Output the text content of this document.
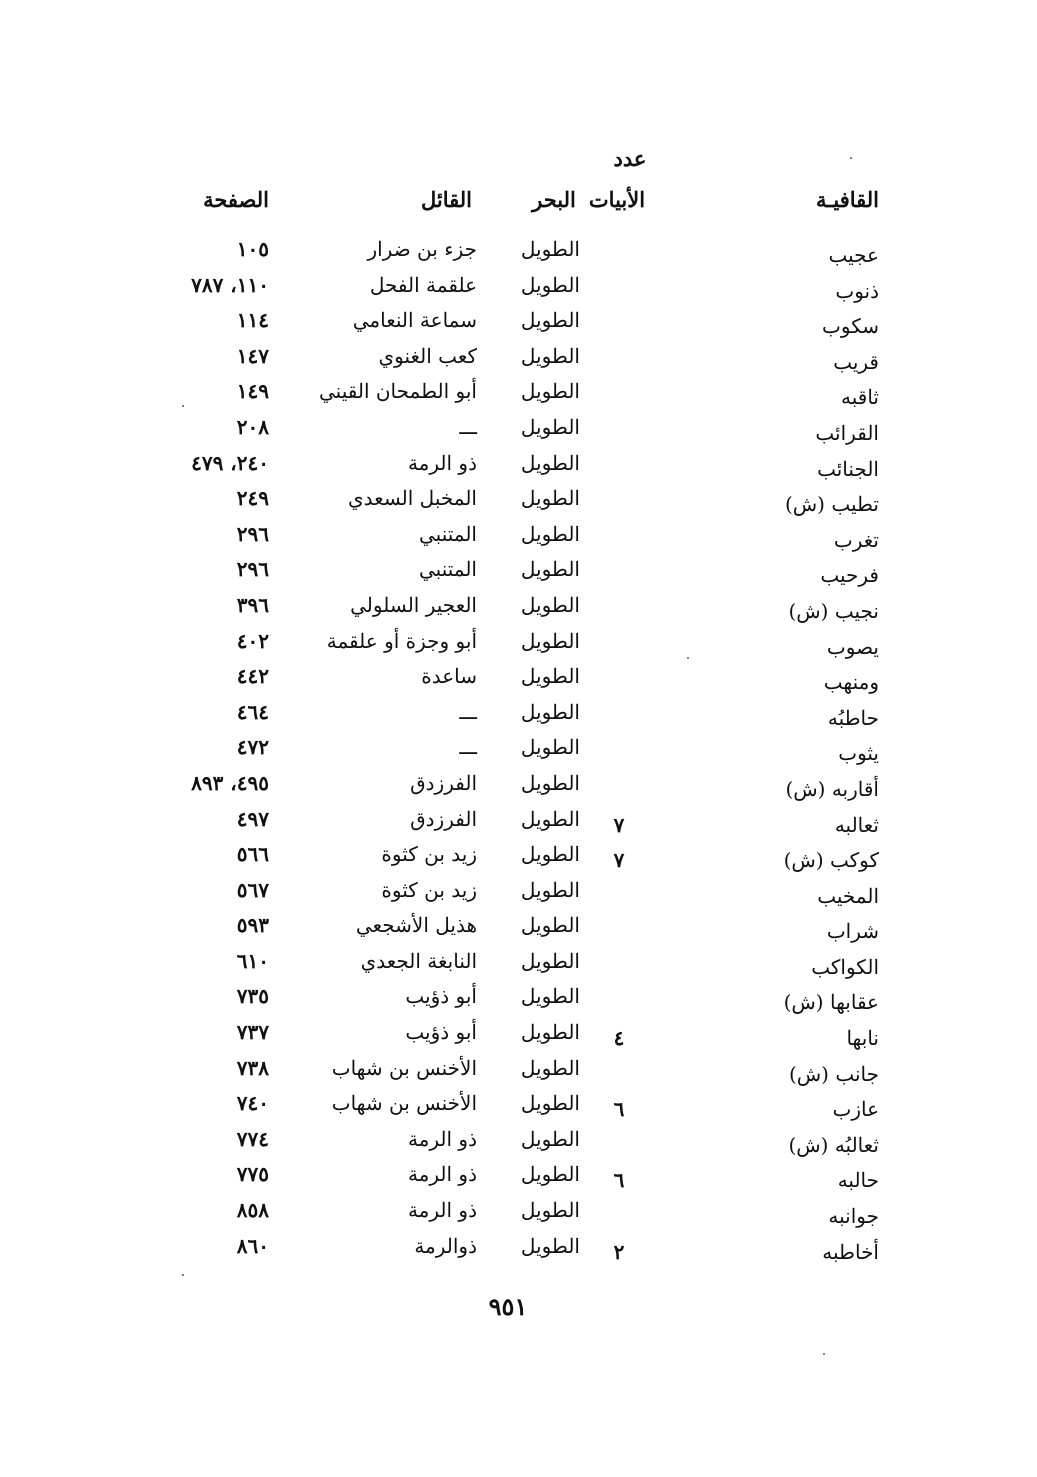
عدد
القافيـة
الأبيات
البحر
القائل
الصفحة
عجيب
الطويل
جزء بن ضرار
١٠٥
ذنوب
الطويل
علقمة الفحل
١١٠، ٧٨٧
سكوب
الطويل
سماعة النعامي
١١٤
قريب
الطويل
كعب الغنوي
١٤٧
ثاقبه
الطويل
أبو الطمحان القيني
١٤٩
القرائب
الطويل
ـــ
٢٠٨
الجنائب
الطويل
ذو الرمة
٢٤٠، ٤٧٩
تطيب (ش)
الطويل
المخبل السعدي
٢٤٩
تغرب
الطويل
المتنبي
٢٩٦
فرحيب
الطويل
المتنبي
٢٩٦
نجيب (ش)
الطويل
العجير السلولي
٣٩٦
يصوب
الطويل
أبو وجزة أو علقمة
٤٠٢
ومنهب
الطويل
ساعدة
٤٤٢
حاطبُه
الطويل
ـــ
٤٦٤
يثوب
الطويل
ـــ
٤٧٢
أقاربه (ش)
الطويل
الفرزدق
٤٩٥، ٨٩٣
ثعالبه
٧
الطويل
الفرزدق
٤٩٧
كوكب (ش)
٧
الطويل
زيد بن كثوة
٥٦٦
المخيب
الطويل
زيد بن كثوة
٥٦٧
شراب
الطويل
هذيل الأشجعي
٥٩٣
الكواكب
الطويل
النابغة الجعدي
٦١٠
عقابها (ش)
الطويل
أبو ذؤيب
٧٣٥
نابها
٤
الطويل
أبو ذؤيب
٧٣٧
جانب (ش)
الطويل
الأخنس بن شهاب
٧٣٨
عازب
٦
الطويل
الأخنس بن شهاب
٧٤٠
ثعالبُه (ش)
الطويل
ذو الرمة
٧٧٤
حالبه
٦
الطويل
ذو الرمة
٧٧٥
جوانبه
الطويل
ذو الرمة
٨٥٨
أخاطبه
٢
الطويل
ذوالرمة
٨٦٠
٩٥١
